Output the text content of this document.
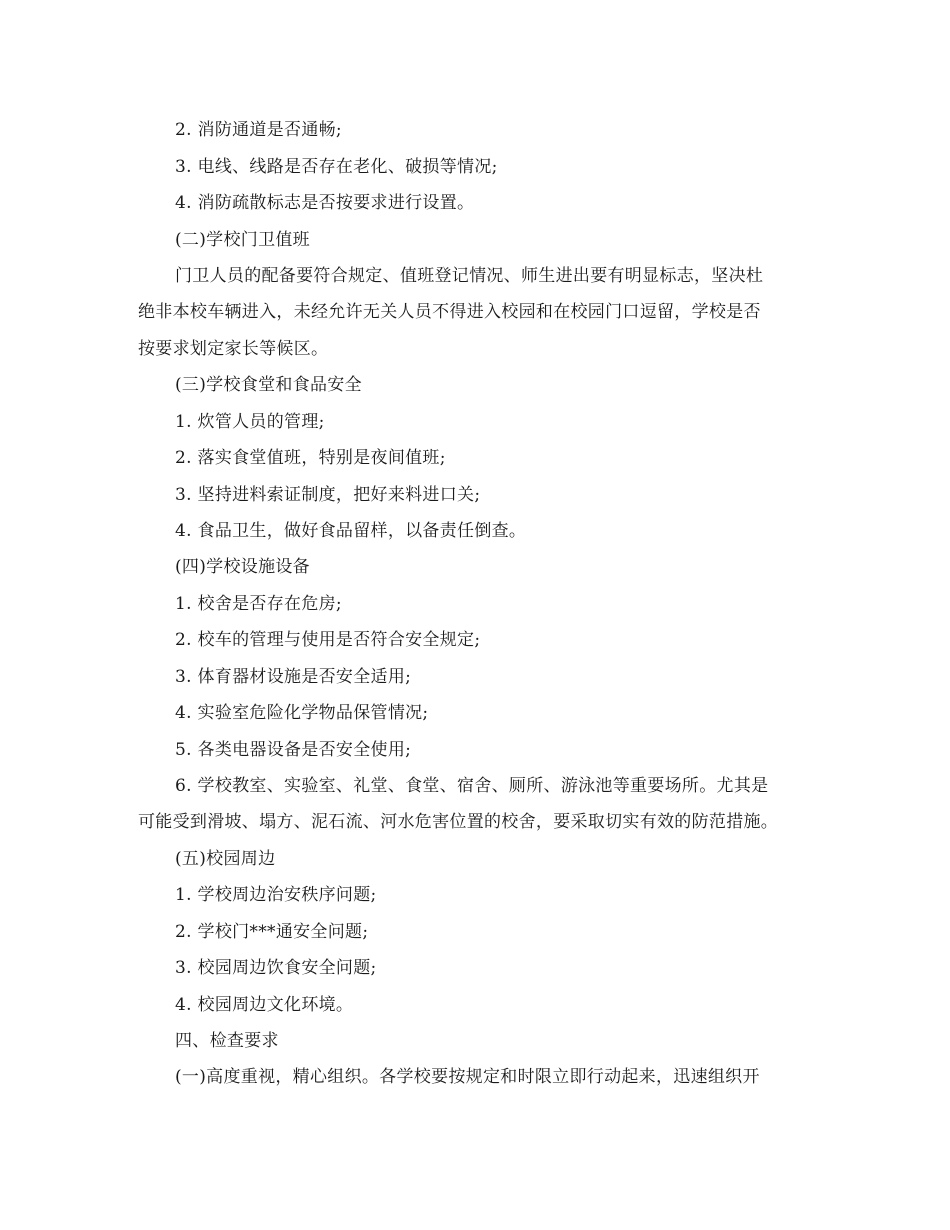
2. 消防通道是否通畅;
3. 电线、线路是否存在老化、破损等情况;
4. 消防疏散标志是否按要求进行设置。
(二)学校门卫值班
门卫人员的配备要符合规定、值班登记情况、师生进出要有明显标志，坚决杜
绝非本校车辆进入，未经允许无关人员不得进入校园和在校园门口逗留，学校是否
按要求划定家长等候区。
(三)学校食堂和食品安全
1. 炊管人员的管理;
2. 落实食堂值班，特别是夜间值班;
3. 坚持进料索证制度，把好来料进口关;
4. 食品卫生，做好食品留样，以备责任倒查。
(四)学校设施设备
1. 校舍是否存在危房;
2. 校车的管理与使用是否符合安全规定;
3. 体育器材设施是否安全适用;
4. 实验室危险化学物品保管情况;
5. 各类电器设备是否安全使用;
6. 学校教室、实验室、礼堂、食堂、宿舍、厕所、游泳池等重要场所。尤其是
可能受到滑坡、塌方、泥石流、河水危害位置的校舍，要采取切实有效的防范措施。
(五)校园周边
1. 学校周边治安秩序问题;
2. 学校门***通安全问题;
3. 校园周边饮食安全问题;
4. 校园周边文化环境。
四、检查要求
(一)高度重视，精心组织。各学校要按规定和时限立即行动起来，迅速组织开
